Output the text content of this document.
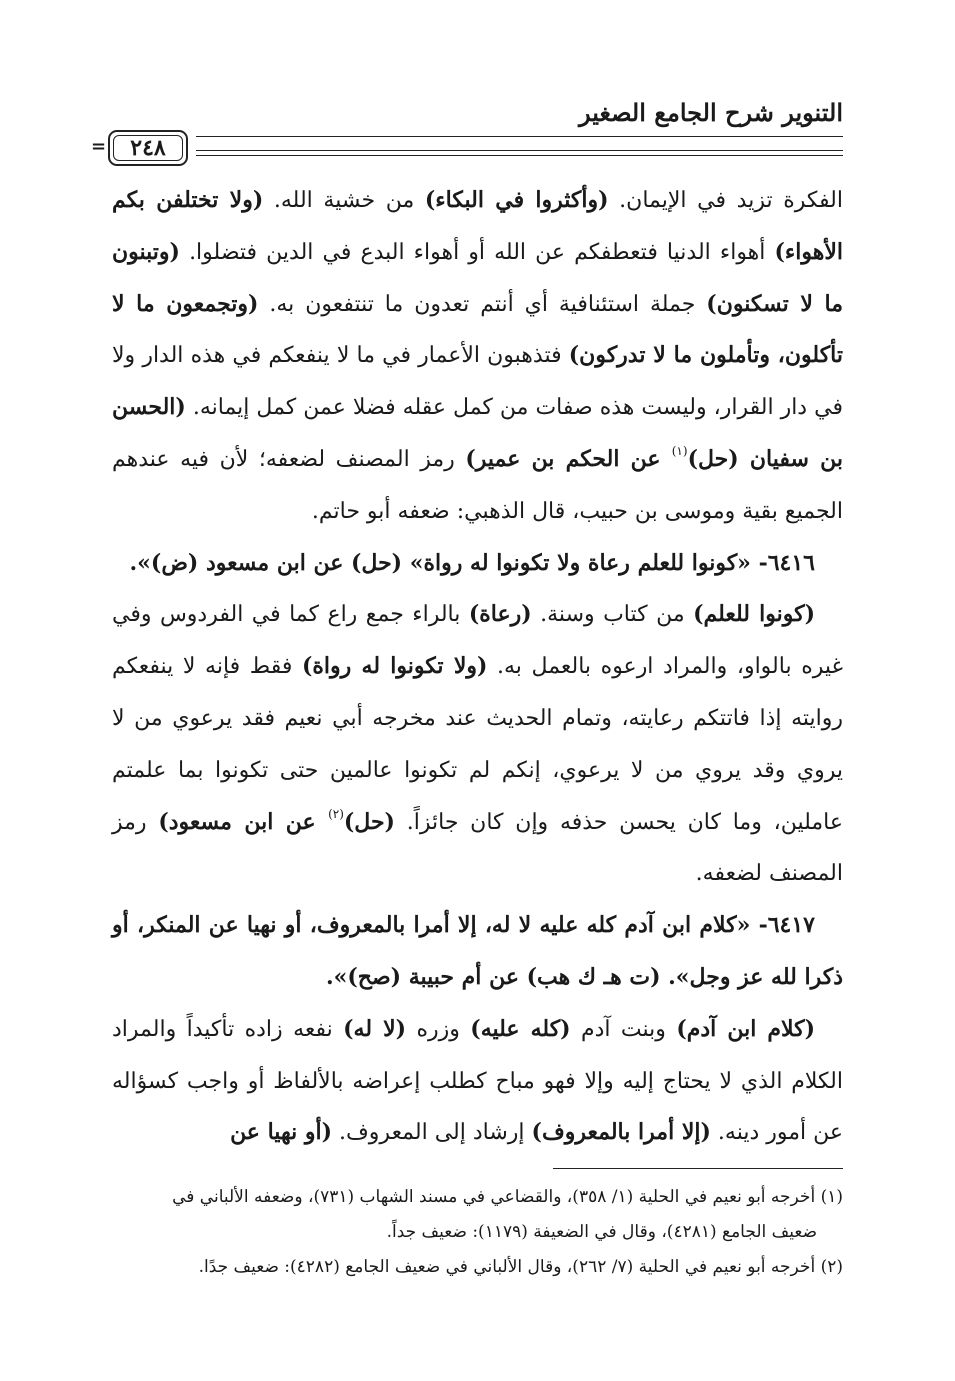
التنوير شرح الجامع الصغير
٢٤٨
=

الفكرة تزيد في الإيمان. (وأكثروا في البكاء) من خشية الله. (ولا تختلفن بكم الأهواء) أهواء الدنيا فتعطفكم عن الله أو أهواء البدع في الدين فتضلوا. (وتبنون ما لا تسكنون) جملة استئنافية أي أنتم تعدون ما تنتفعون به. (وتجمعون ما لا تأكلون، وتأملون ما لا تدركون) فتذهبون الأعمار في ما لا ينفعكم في هذه الدار ولا في دار القرار، وليست هذه صفات من كمل عقله فضلا عمن كمل إيمانه. (الحسن بن سفيان (حل)$^{(١)}$ عن الحكم بن عمير) رمز المصنف لضعفه؛ لأن فيه عندهم الجميع بقية وموسى بن حبيب، قال الذهبي: ضعفه أبو حاتم.

٦٤١٦- «كونوا للعلم رعاة ولا تكونوا له رواة» (حل) عن ابن مسعود (ض)».

(كونوا للعلم) من كتاب وسنة. (رعاة) بالراء جمع راع كما في الفردوس وفي غيره بالواو، والمراد ارعوه بالعمل به. (ولا تكونوا له رواة) فقط فإنه لا ينفعكم روايته إذا فاتتكم رعايته، وتمام الحديث عند مخرجه أبي نعيم فقد يرعوي من لا يروي وقد يروي من لا يرعوي، إنكم لم تكونوا عالمين حتى تكونوا بما علمتم عاملين، وما كان يحسن حذفه وإن كان جائزاً. (حل)$^{(٢)}$ عن ابن مسعود) رمز المصنف لضعفه.

٦٤١٧- «كلام ابن آدم كله عليه لا له، إلا أمرا بالمعروف، أو نهيا عن المنكر، أو ذكرا لله عز وجل». (ت هـ ك هب) عن أم حبيبة (صح)».

(كلام ابن آدم) وبنت آدم (كله عليه) وزره (لا له) نفعه زاده تأكيداً والمراد الكلام الذي لا يحتاج إليه وإلا فهو مباح كطلب إعراضه بالألفاظ أو واجب كسؤاله عن أمور دينه. (إلا أمرا بالمعروف) إرشاد إلى المعروف. (أو نهيا عن

(١) أخرجه أبو نعيم في الحلية (١/ ٣٥٨)، والقضاعي في مسند الشهاب (٧٣١)، وضعفه الألباني في

ضعيف الجامع (٤٢٨١)، وقال في الضعيفة (١١٧٩): ضعيف جداً.

(٢) أخرجه أبو نعيم في الحلية (٧/ ٢٦٢)، وقال الألباني في ضعيف الجامع (٤٢٨٢): ضعيف جدًا.
